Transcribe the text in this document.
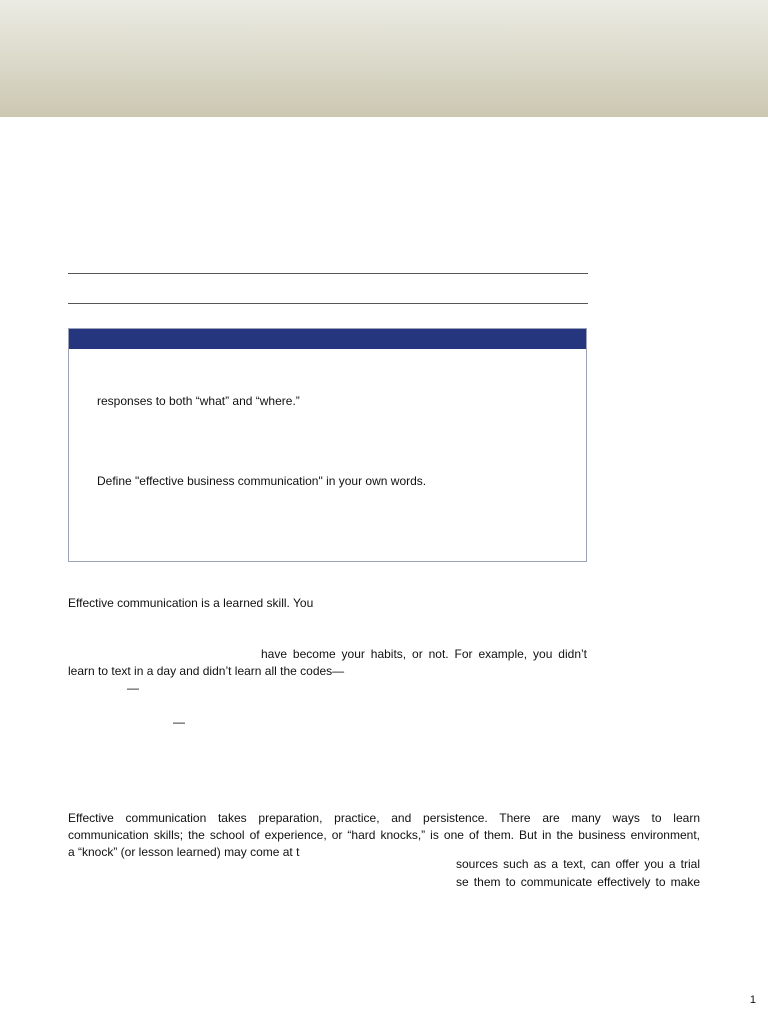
responses to both “what” and “where.”
Define "effective business communication" in your own words.
Effective communication is a learned skill. You
have become your habits, or not. For example, you didn’t
learn to text in a day and didn’t learn all the codes—
—
—
Effective communication takes preparation, practice, and persistence. There are many ways to learn
communication skills; the school of experience, or “hard knocks,” is one of them. But in the business environment,
a “knock” (or lesson learned) may come at t
sources such as a text, can offer you a trial
se them to communicate effectively to make
1
